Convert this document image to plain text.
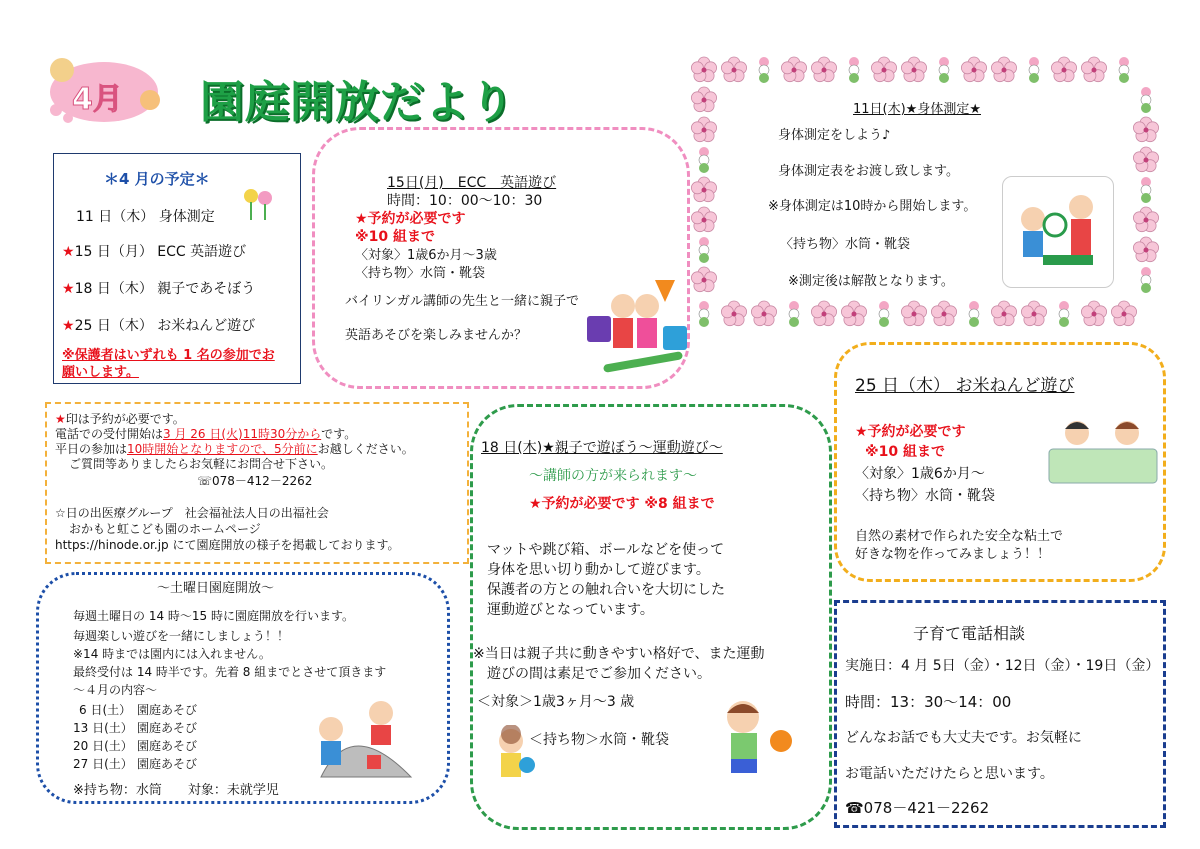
4月 園庭開放だより
＊4 月の予定＊
11 日（木） 身体測定
★15 日（月） ECC 英語遊び
★18 日（木） 親子であそぼう
★25 日（木） お米ねんど遊び
※保護者はいずれも 1 名の参加でお
願いします。
15日(月)　ECC　英語遊び
時間：10：00～10：30
★予約が必要です
※10 組まで
〈対象〉1歳6か月～3歳
〈持ち物〉水筒・靴袋
バイリンガル講師の先生と一緒に親子で
英語あそびを楽しみませんか？
11日(木)★身体測定★
身体測定をしよう♪
身体測定表をお渡し致します。
※身体測定は10時から開始します。
〈持ち物〉水筒・靴袋
※測定後は解散となります。
★印は予約が必要です。
電話での受付開始は3 月 26 日(火)11時30分からです。
平日の参加は10時開始となりますので、5分前にお越しください。
ご質問等ありましたらお気軽にお問合せ下さい。
☏078－412－2262
☆日の出医療グループ　社会福祉法人日の出福社会
おかもと虹こども園のホームページ
https://hinode.or.jp にて園庭開放の様子を掲載しております。
～土曜日園庭開放～
毎週土曜日の 14 時～15 時に園庭開放を行います。
毎週楽しい遊びを一緒にしましょう！！
※14 時までは園内には入れません。
最終受付は 14 時半です。先着 8 組までとさせて頂きます
～４月の内容～
6 日(土） 園庭あそび
13 日(土） 園庭あそび
20 日(土） 園庭あそび
27 日(土） 園庭あそび
※持ち物：水筒　　対象：未就学児
18 日(木)★親子で遊ぼう～運動遊び～
～講師の方が来られます～
★予約が必要です ※8 組まで
マットや跳び箱、ボールなどを使って
身体を思い切り動かして遊びます。
保護者の方との触れ合いを大切にした
運動遊びとなっています。
※当日は親子共に動きやすい格好で、また運動
遊びの間は素足でご参加ください。
＜対象＞1歳3ヶ月～3 歳
＜持ち物＞水筒・靴袋
25 日（木） お米ねんど遊び
★予約が必要です
※10 組まで
〈対象〉1歳6か月～
〈持ち物〉水筒・靴袋
自然の素材で作られた安全な粘土で
好きな物を作ってみましょう！！
子育て電話相談
実施日：4 月 5日（金）・12日（金）・19日（金）
時間：13：30～14：00
どんなお話でも大丈夫です。お気軽に
お電話いただけたらと思います。
☎078－421－2262
